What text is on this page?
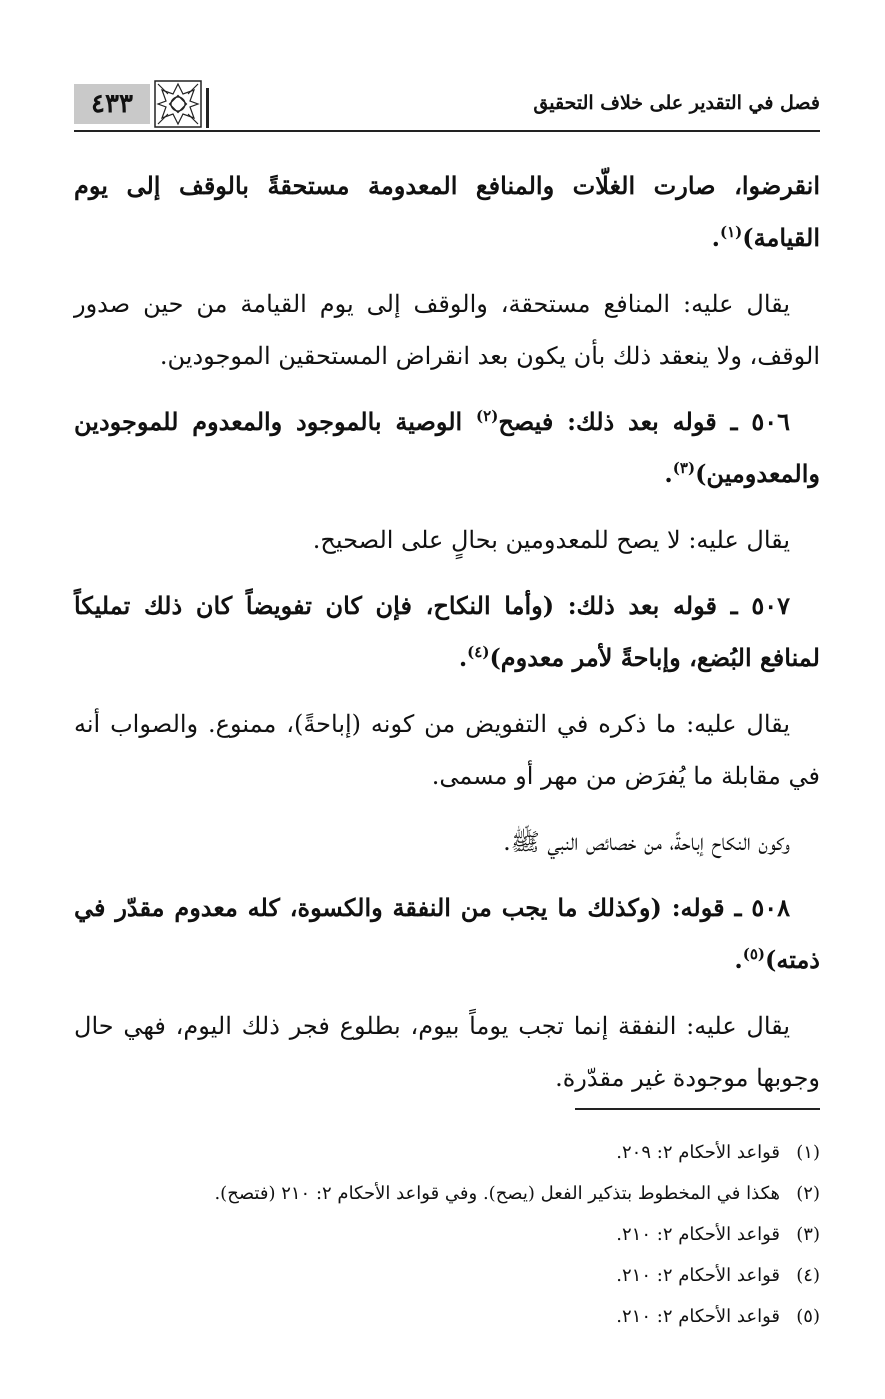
٤٣٣	فصل في التقدير على خلاف التحقيق

انقرضوا، صارت الغلّات والمنافع المعدومة مستحقةً بالوقف إلى يوم القيامة)$^{(١)}$.

يقال عليه: المنافع مستحقة، والوقف إلى يوم القيامة من حين صدور الوقف، ولا ينعقد ذلك بأن يكون بعد انقراض المستحقين الموجودين.

٥٠٦ ـ قوله بعد ذلك: فيصح$^{(٢)}$ الوصية بالموجود والمعدوم للموجودين والمعدومين)$^{(٣)}$.

يقال عليه: لا يصح للمعدومين بحالٍ على الصحيح.

٥٠٧ ـ قوله بعد ذلك: (وأما النكاح، فإن كان تفويضاً كان ذلك تمليكاً لمنافع البُضع، وإباحةً لأمر معدوم)$^{(٤)}$.

يقال عليه: ما ذكره في التفويض من كونه (إباحةً)، ممنوع. والصواب أنه في مقابلة ما يُفرَض من مهر أو مسمى.

وكون النكاح إباحةً، من خصائص النبي ﷺ.

٥٠٨ ـ قوله: (وكذلك ما يجب من النفقة والكسوة، كله معدوم مقدّر في ذمته)$^{(٥)}$.

يقال عليه: النفقة إنما تجب يوماً بيوم، بطلوع فجر ذلك اليوم، فهي حال وجوبها موجودة غير مقدّرة.

(١)قواعد الأحكام ٢: ٢٠٩.
(٢)هكذا في المخطوط بتذكير الفعل (يصح). وفي قواعد الأحكام ٢: ٢١٠ (فتصح).
(٣)قواعد الأحكام ٢: ٢١٠.
(٤)قواعد الأحكام ٢: ٢١٠.
(٥)قواعد الأحكام ٢: ٢١٠.
